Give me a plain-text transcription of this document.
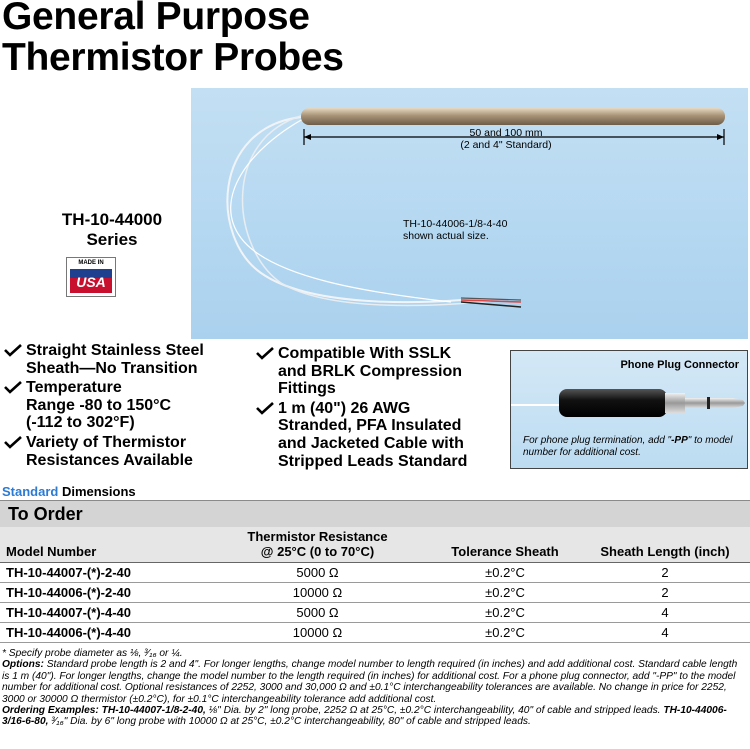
General Purpose
Thermistor Probes
50 and 100 mm
(2 and 4" Standard)
TH-10-44006-1/8-4-40
shown actual size.
TH-10-44000
Series
MADE IN
USA
Straight Stainless Steel
Sheath—No Transition
Temperature
Range -80 to 150°C
(-112 to 302°F)
Variety of Thermistor
Resistances Available
Compatible With SSLK
and BRLK Compression
Fittings
1 m (40") 26 AWG
Stranded, PFA Insulated
and Jacketed Cable with
Stripped Leads Standard
Phone Plug Connector
For phone plug termination, add "-PP" to model number for additional cost.
Standard Dimensions
To Order
Model Number	Thermistor Resistance
@ 25°C (0 to 70°C)	Tolerance Sheath	Sheath Length (inch)
TH-10-44007-(*)-2-40	5000 Ω	±0.2°C	2
TH-10-44006-(*)-2-40	10000 Ω	±0.2°C	2
TH-10-44007-(*)-4-40	5000 Ω	±0.2°C	4
TH-10-44006-(*)-4-40	10000 Ω	±0.2°C	4

* Specify probe diameter as ⅛, ³⁄₁₆ or ¼.

Options: Standard probe length is 2 and 4". For longer lengths, change model number to length required (in inches) and add additional cost. Standard cable length is 1 m (40"). For longer lengths, change the model number to the length required (in inches) for additional cost. For a phone plug connector, add "-PP" to the model number for additional cost. Optional resistances of 2252, 3000 and 30,000 Ω and ±0.1°C interchangeability tolerances are available. No change in price for 2252, 3000 or 30000 Ω thermistor (±0.2°C), for ±0.1°C interchangeability tolerance add additional cost.

Ordering Examples: TH-10-44007-1/8-2-40, ⅛" Dia. by 2" long probe, 2252 Ω at 25°C, ±0.2°C interchangeability, 40" of cable and stripped leads. TH-10-44006-3/16-6-80, ³⁄₁₆" Dia. by 6" long probe with 10000 Ω at 25°C, ±0.2°C interchangeability, 80" of cable and stripped leads.
